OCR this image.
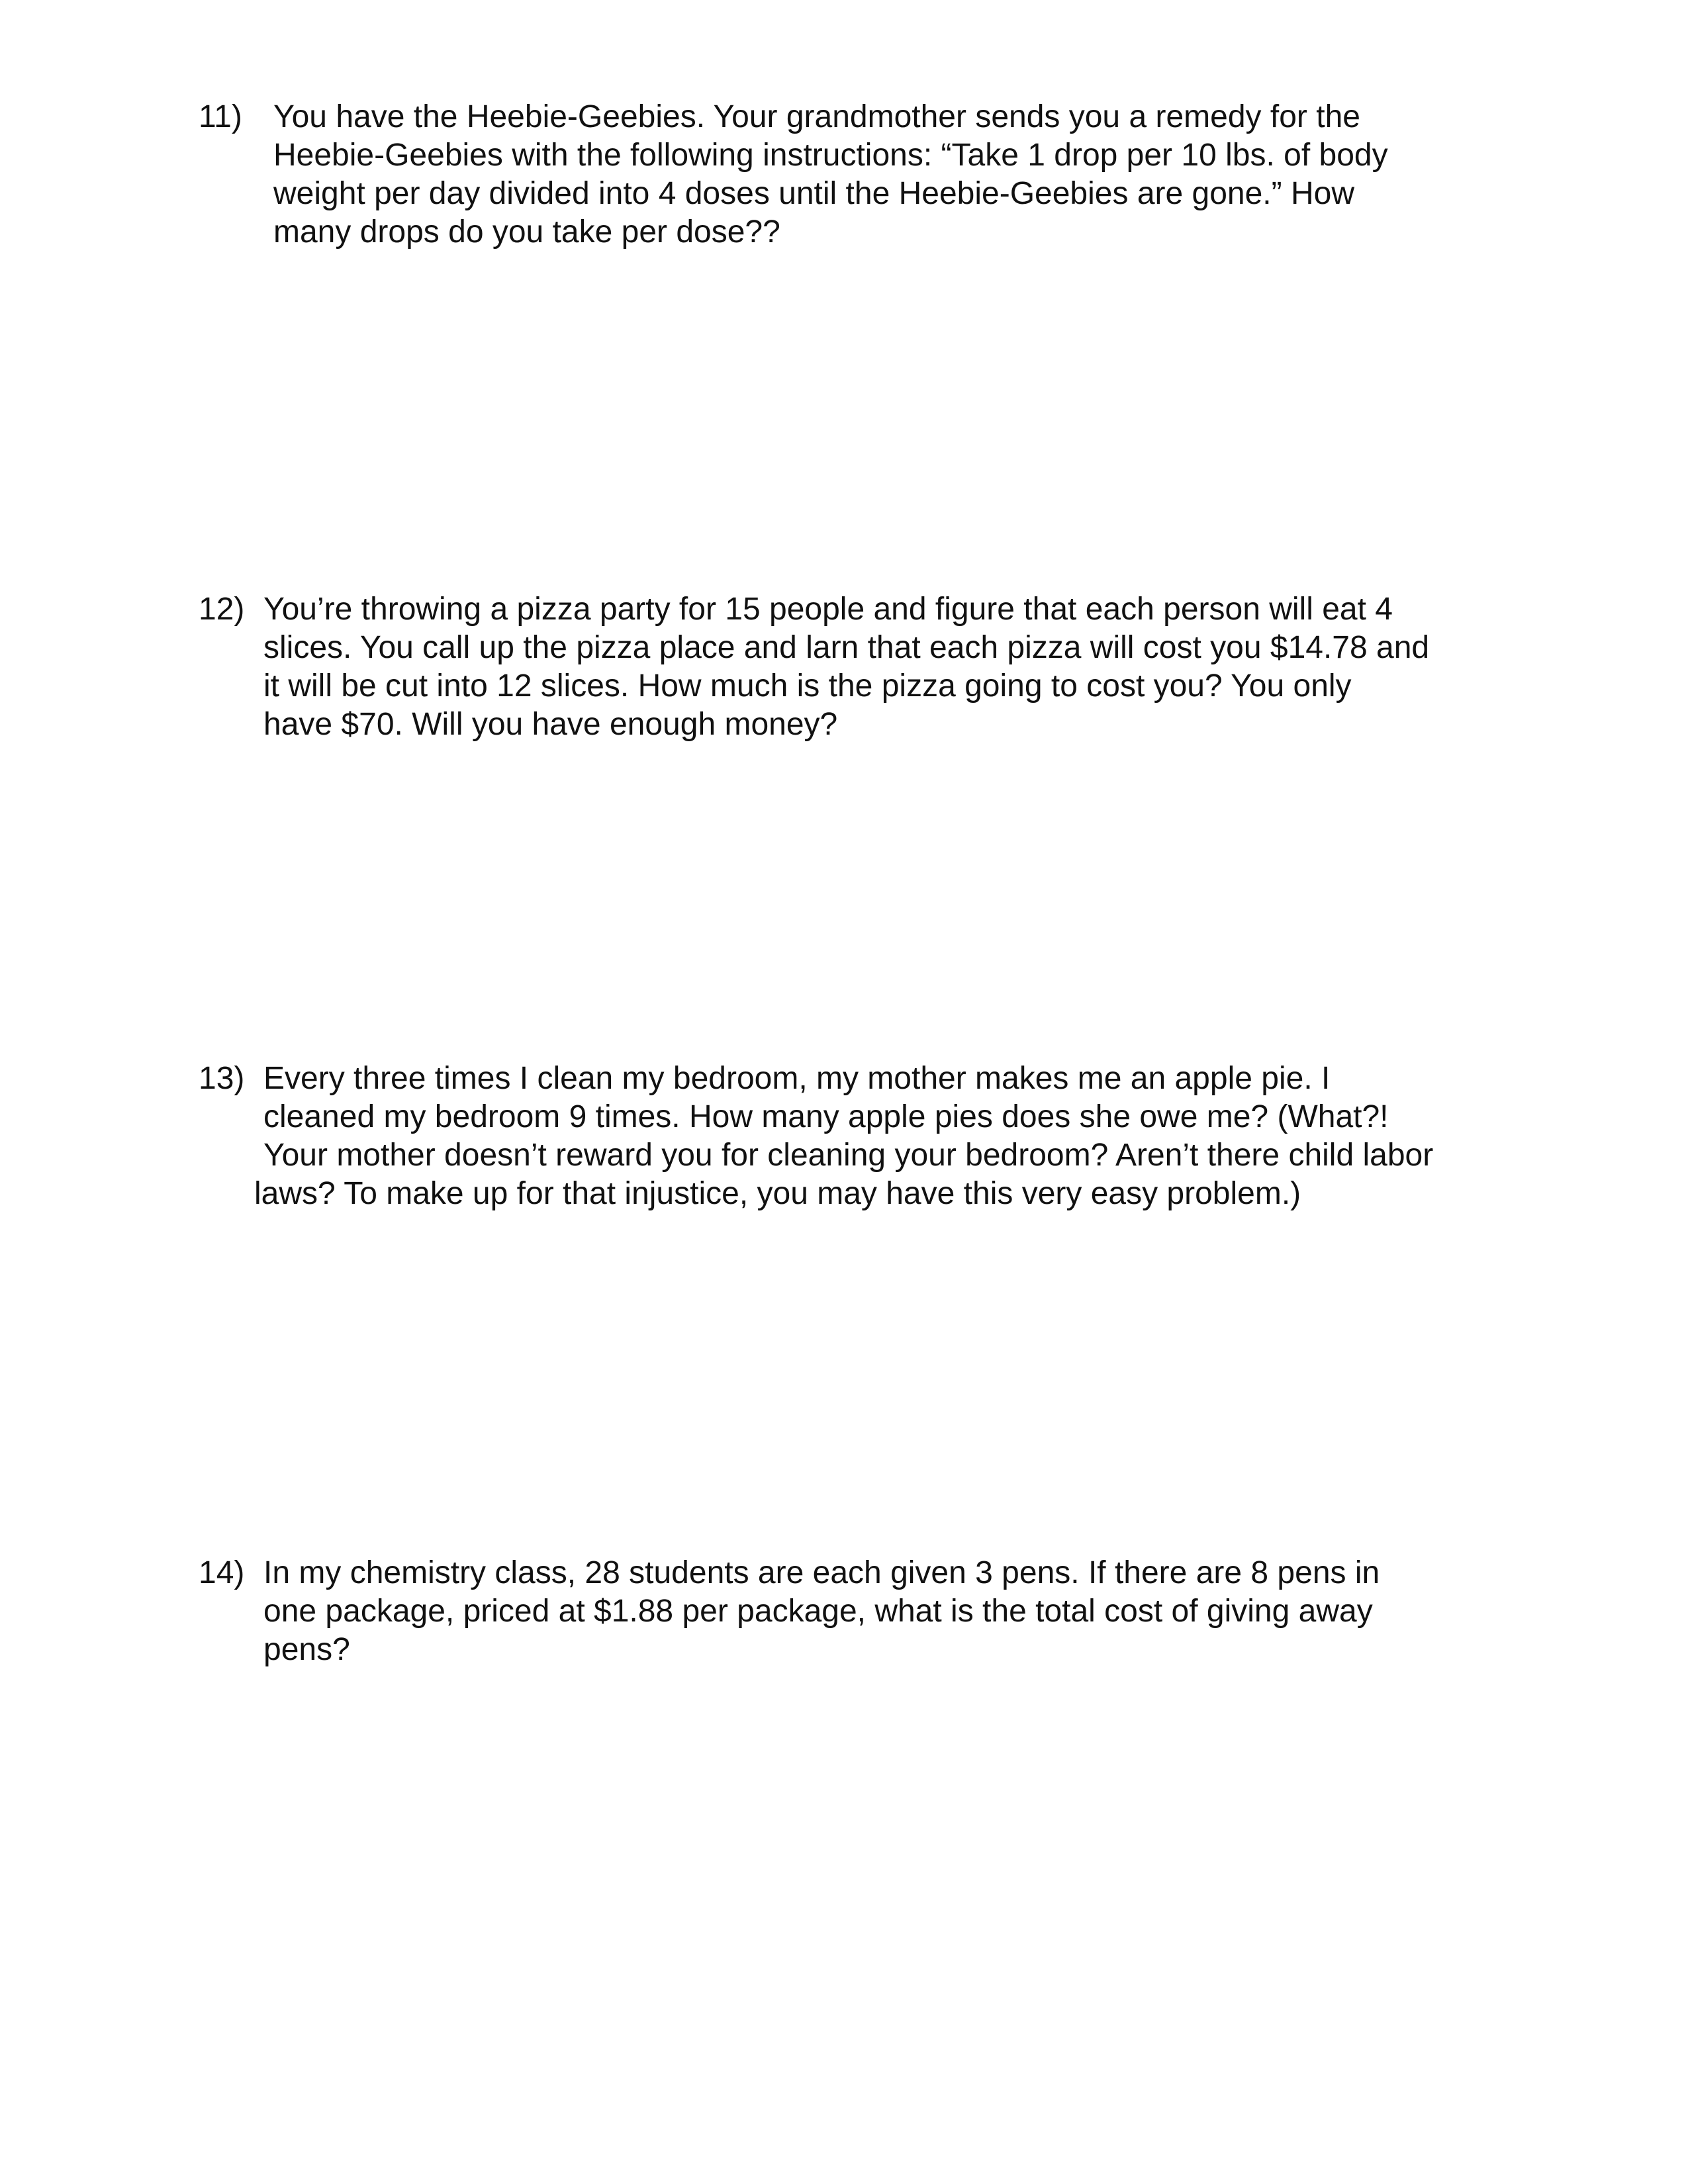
11) You have the Heebie-Geebies. Your grandmother sends you a remedy for the
Heebie-Geebies with the following instructions: “Take 1 drop per 10 lbs. of body
weight per day divided into 4 doses until the Heebie-Geebies are gone.” How
many drops do you take per dose??
12) You’re throwing a pizza party for 15 people and figure that each person will eat 4
slices. You call up the pizza place and larn that each pizza will cost you $14.78 and
it will be cut into 12 slices. How much is the pizza going to cost you? You only
have $70. Will you have enough money?
13) Every three times I clean my bedroom, my mother makes me an apple pie. I
cleaned my bedroom 9 times. How many apple pies does she owe me? (What?!
Your mother doesn’t reward you for cleaning your bedroom? Aren’t there child labor
laws? To make up for that injustice, you may have this very easy problem.)
14) In my chemistry class, 28 students are each given 3 pens. If there are 8 pens in
one package, priced at $1.88 per package, what is the total cost of giving away
pens?
